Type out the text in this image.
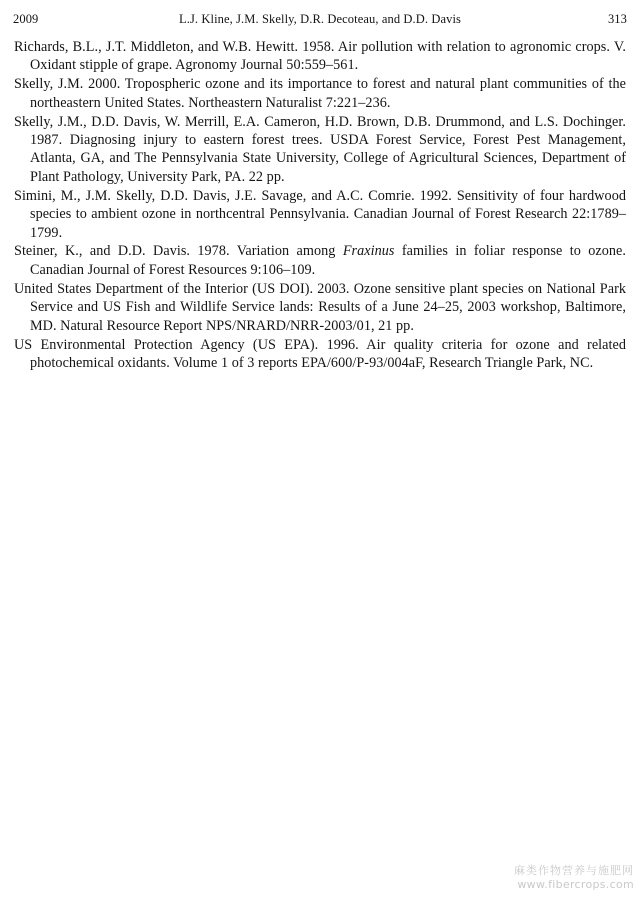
2009	L.J. Kline, J.M. Skelly, D.R. Decoteau, and D.D. Davis	313
Richards, B.L., J.T. Middleton, and W.B. Hewitt. 1958. Air pollution with relation to agronomic crops. V. Oxidant stipple of grape. Agronomy Journal 50:559–561.
Skelly, J.M. 2000. Tropospheric ozone and its importance to forest and natural plant communities of the northeastern United States. Northeastern Naturalist 7:221–236.
Skelly, J.M., D.D. Davis, W. Merrill, E.A. Cameron, H.D. Brown, D.B. Drummond, and L.S. Dochinger. 1987. Diagnosing injury to eastern forest trees. USDA Forest Service, Forest Pest Management, Atlanta, GA, and The Pennsylvania State University, College of Agricultural Sciences, Department of Plant Pathology, University Park, PA. 22 pp.
Simini, M., J.M. Skelly, D.D. Davis, J.E. Savage, and A.C. Comrie. 1992. Sensitivity of four hardwood species to ambient ozone in northcentral Pennsylvania. Canadian Journal of Forest Research 22:1789–1799.
Steiner, K., and D.D. Davis. 1978. Variation among Fraxinus families in foliar response to ozone. Canadian Journal of Forest Resources 9:106–109.
United States Department of the Interior (US DOI). 2003. Ozone sensitive plant species on National Park Service and US Fish and Wildlife Service lands: Results of a June 24–25, 2003 workshop, Baltimore, MD. Natural Resource Report NPS/NRARD/NRR-2003/01, 21 pp.
US Environmental Protection Agency (US EPA). 1996. Air quality criteria for ozone and related photochemical oxidants. Volume 1 of 3 reports EPA/600/P-93/004aF, Research Triangle Park, NC.
麻类作物营养与施肥网
www.fibercrops.com
